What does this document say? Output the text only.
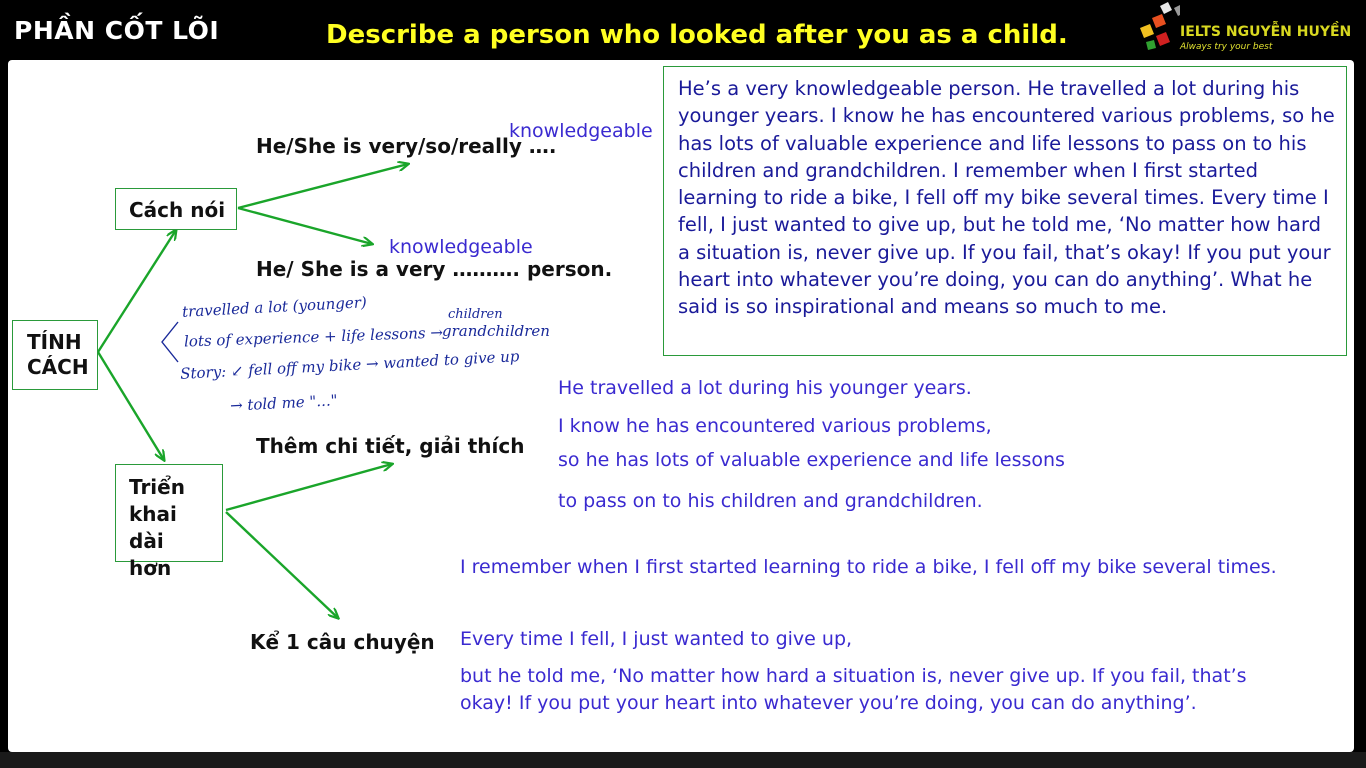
PHẦN CỐT LÕI	Describe a person who looked after you as a child.	IELTS NGUYỄN HUYỀN
Always try your best
TÍNH CÁCH
Cách nói
Triển khai dài hơn
He/She is very/so/really ….
knowledgeable
knowledgeable
He/ She is a very ………. person.
Thêm chi tiết, giải thích
Kể 1 câu chuyện
travelled a lot (younger)
lots of experience + life lessons →
children
grandchildren
Story: ↙ fell off my bike → wanted to give up
→ told me "..."
He travelled a lot during his younger years.
I know he has encountered various problems,
so he has lots of valuable experience and life lessons
to pass on to his children and grandchildren.
I remember when I first started learning to ride a bike, I fell off my bike several times.
Every time I fell, I just wanted to give up,
but he told me, ‘No matter how hard a situation is, never give up. If you fail, that’s okay! If you put your heart into whatever you’re doing, you can do anything’.
He’s a very knowledgeable person. He travelled a lot during his younger years. I know he has encountered various problems, so he has lots of valuable experience and life lessons to pass on to his children and grandchildren. I remember when I first started learning to ride a bike, I fell off my bike several times. Every time I fell, I just wanted to give up, but he told me, ‘No matter how hard a situation is, never give up. If you fail, that’s okay! If you put your heart into whatever you’re doing, you can do anything’. What he said is so inspirational and means so much to me.
